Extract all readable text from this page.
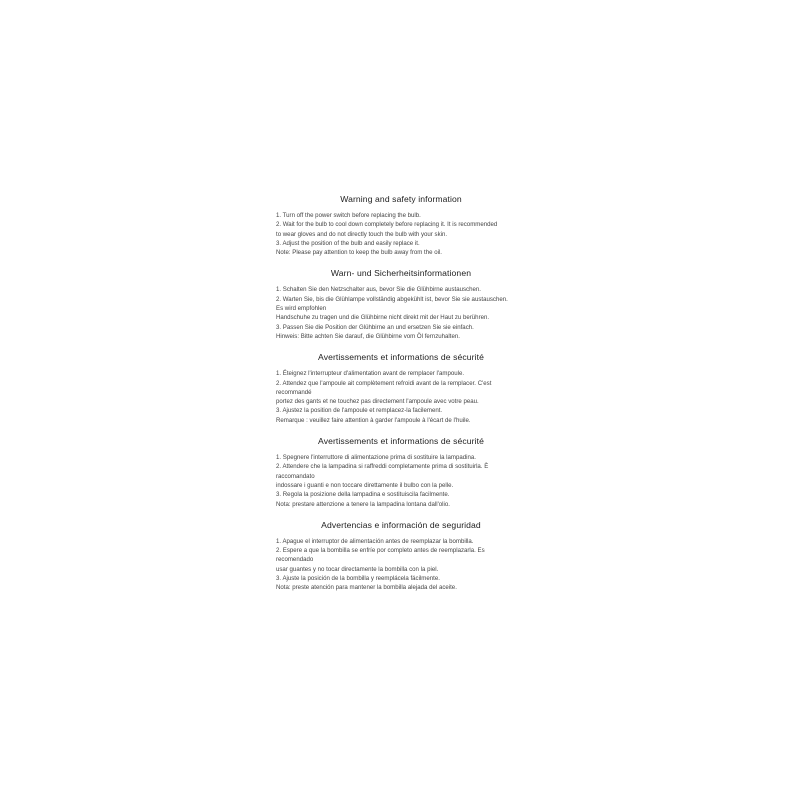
Warning and safety information

1. Turn off the power switch before replacing the bulb.

2. Wait for the bulb to cool down completely before replacing it. It is recommended

to wear gloves and do not directly touch the bulb with your skin.

3. Adjust the position of the bulb and easily replace it.

Note: Please pay attention to keep the bulb away from the oil.

Warn- und Sicherheitsinformationen

1. Schalten Sie den Netzschalter aus, bevor Sie die Glühbirne austauschen.

2. Warten Sie, bis die Glühlampe vollständig abgekühlt ist, bevor Sie sie austauschen.

Es wird empfohlen

Handschuhe zu tragen und die Glühbirne nicht direkt mit der Haut zu berühren.

3. Passen Sie die Position der Glühbirne an und ersetzen Sie sie einfach.

Hinweis: Bitte achten Sie darauf, die Glühbirne vom Öl fernzuhalten.

Avertissements et informations de sécurité

1. Éteignez l'interrupteur d'alimentation avant de remplacer l'ampoule.

2. Attendez que l'ampoule ait complètement refroidi avant de la remplacer. C'est

recommandé

portez des gants et ne touchez pas directement l'ampoule avec votre peau.

3. Ajustez la position de l'ampoule et remplacez-la facilement.

Remarque : veuillez faire attention à garder l'ampoule à l'écart de l'huile.

Avertissements et informations de sécurité

1. Spegnere l'interruttore di alimentazione prima di sostituire la lampadina.

2. Attendere che la lampadina si raffreddi completamente prima di sostituirla. È

raccomandato

indossare i guanti e non toccare direttamente il bulbo con la pelle.

3. Regola la posizione della lampadina e sostituiscila facilmente.

Nota: prestare attenzione a tenere la lampadina lontana dall'olio.

Advertencias e información de seguridad

1. Apague el interruptor de alimentación antes de reemplazar la bombilla.

2. Espere a que la bombilla se enfríe por completo antes de reemplazarla. Es

recomendado

usar guantes y no tocar directamente la bombilla con la piel.

3. Ajuste la posición de la bombilla y reemplácela fácilmente.

Nota: preste atención para mantener la bombilla alejada del aceite.
